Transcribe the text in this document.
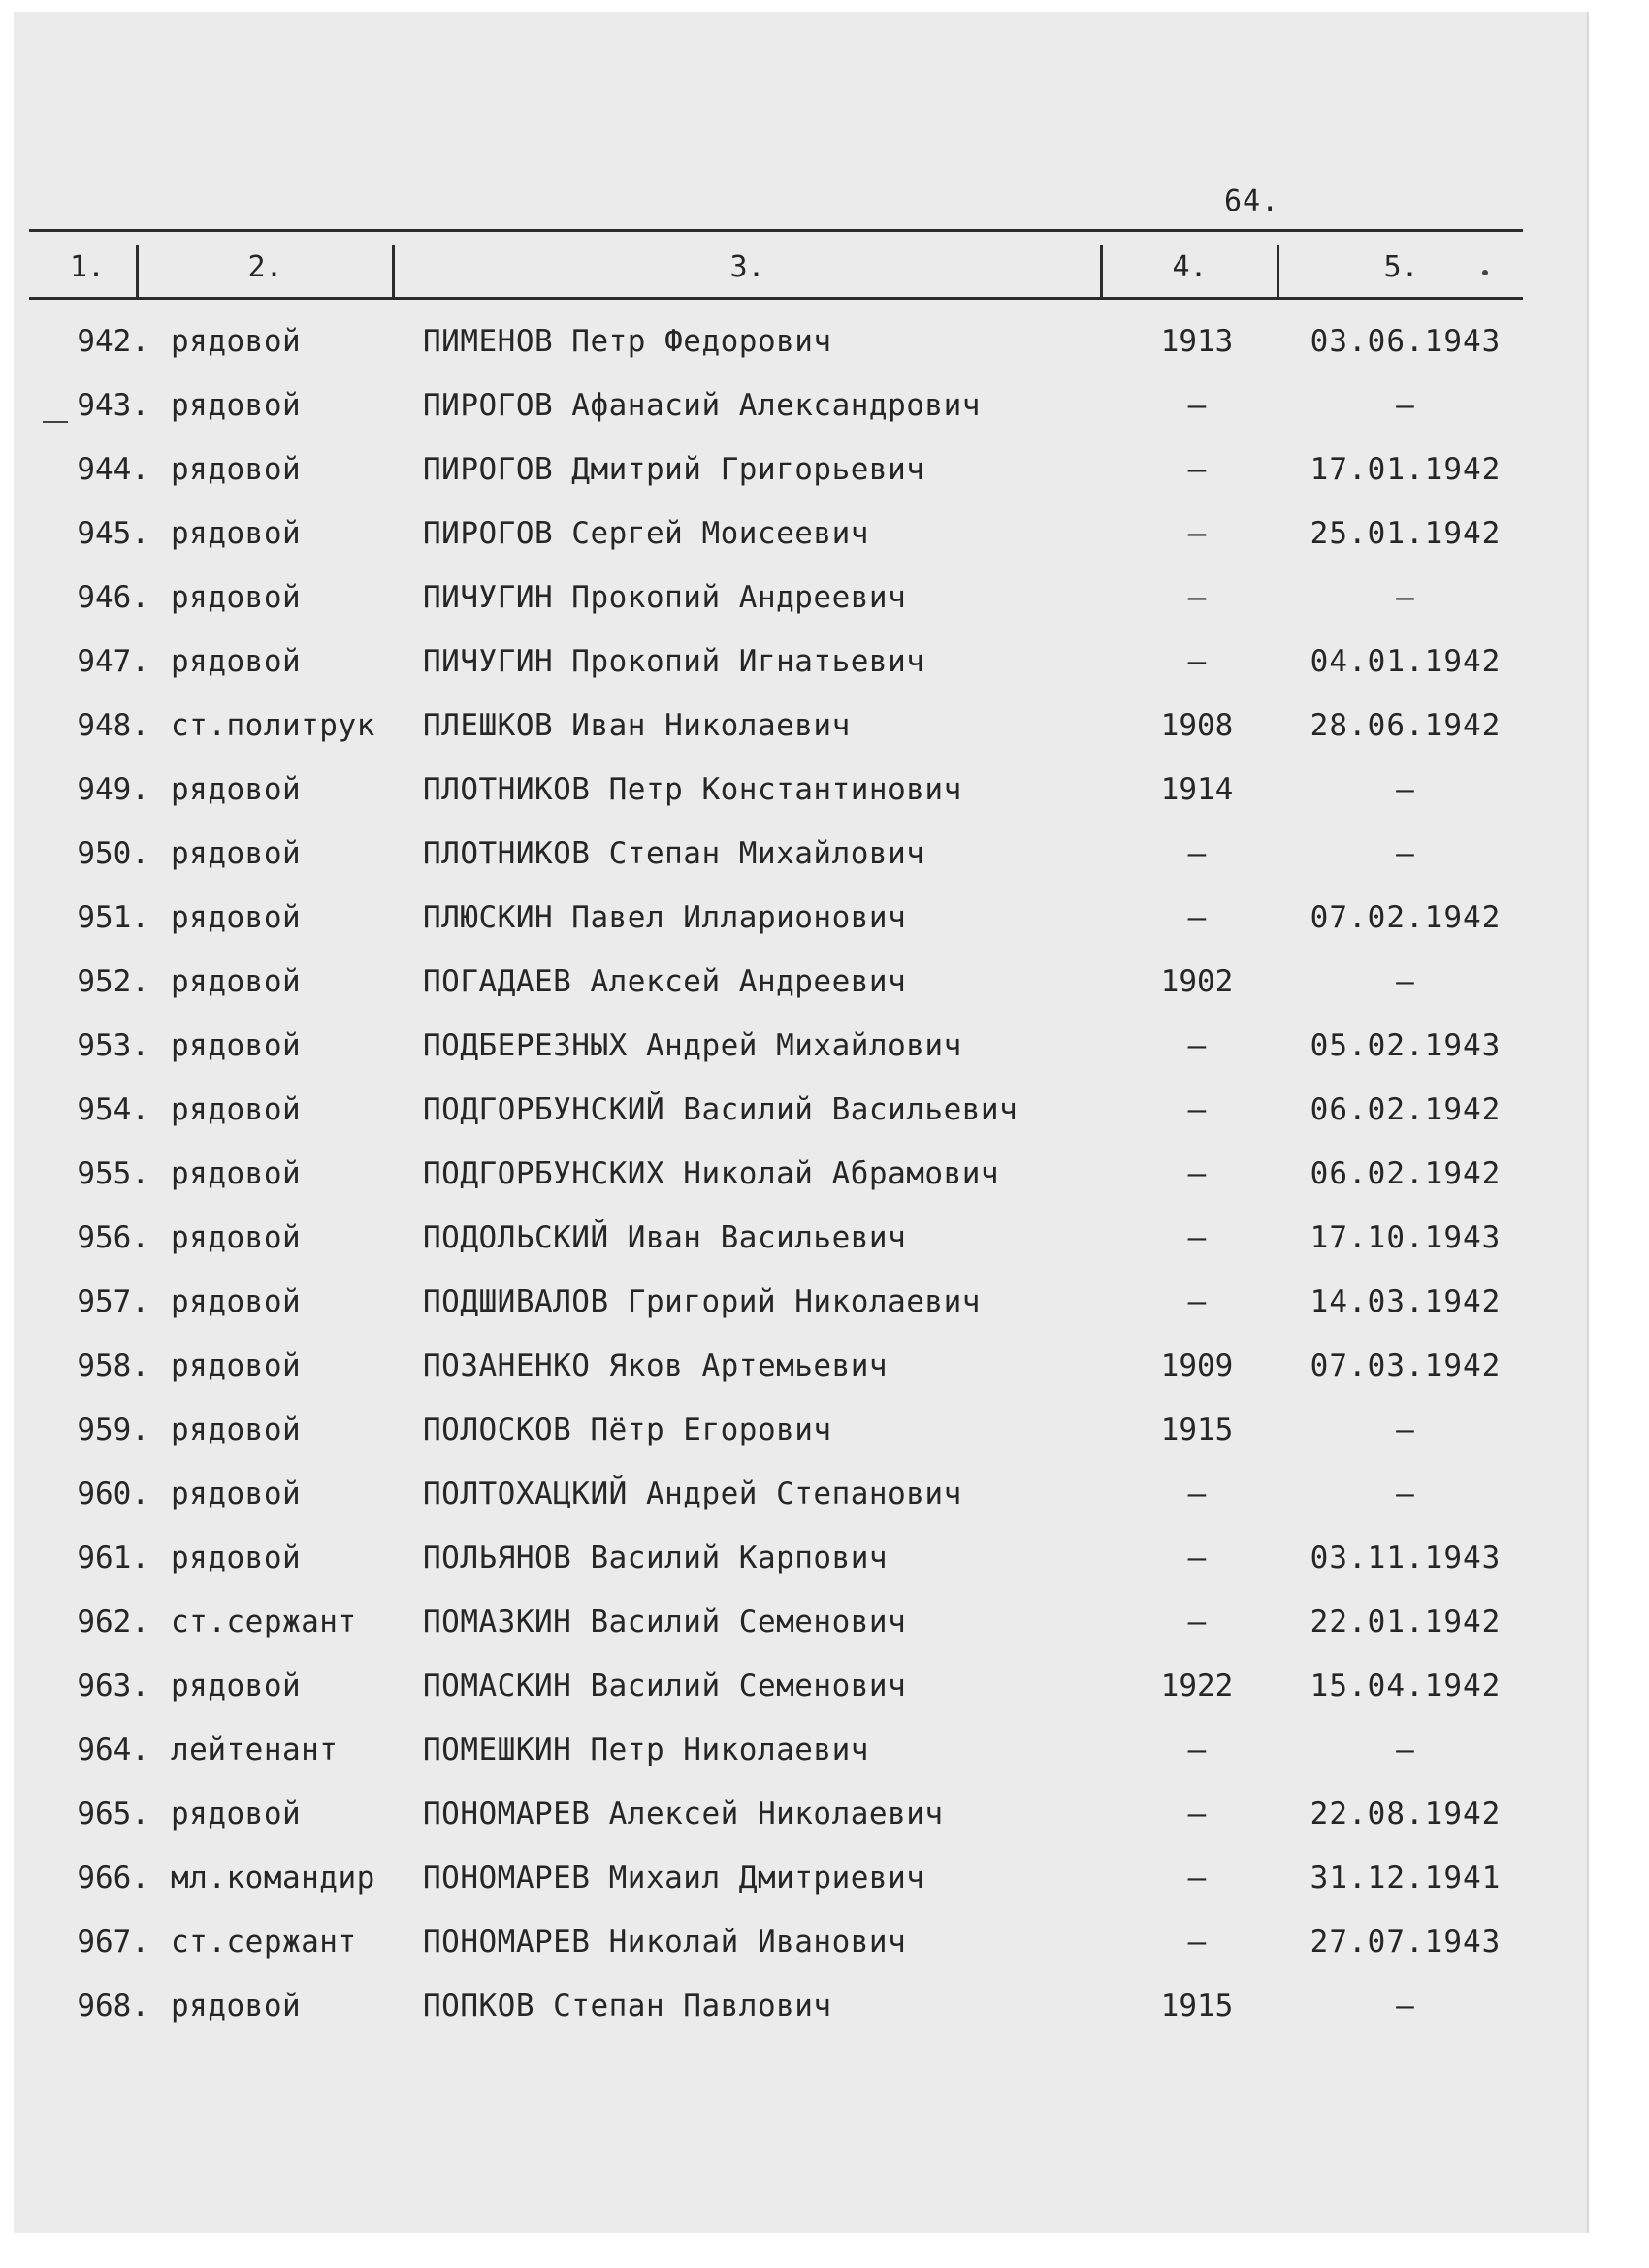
64.
1.	2.	3.	4.	5.
942. рядовой	ПИМЕНОВ Петр Федорович	1913	03.06.1943
943. рядовой	ПИРОГОВ Афанасий Александрович	–	–
944. рядовой	ПИРОГОВ Дмитрий Григорьевич	–	17.01.1942
945. рядовой	ПИРОГОВ Сергей Моисеевич	–	25.01.1942
946. рядовой	ПИЧУГИН Прокопий Андреевич	–	–
947. рядовой	ПИЧУГИН Прокопий Игнатьевич	–	04.01.1942
948. ст.политрук	ПЛЕШКОВ Иван Николаевич	1908	28.06.1942
949. рядовой	ПЛОТНИКОВ Петр Константинович	1914	–
950. рядовой	ПЛОТНИКОВ Степан Михайлович	–	–
951. рядовой	ПЛЮСКИН Павел Илларионович	–	07.02.1942
952. рядовой	ПОГАДАЕВ Алексей Андреевич	1902	–
953. рядовой	ПОДБЕРЕЗНЫХ Андрей Михайлович	–	05.02.1943
954. рядовой	ПОДГОРБУНСКИЙ Василий Васильевич	–	06.02.1942
955. рядовой	ПОДГОРБУНСКИХ Николай Абрамович	–	06.02.1942
956. рядовой	ПОДОЛЬСКИЙ Иван Васильевич	–	17.10.1943
957. рядовой	ПОДШИВАЛОВ Григорий Николаевич	–	14.03.1942
958. рядовой	ПОЗАНЕНКО Яков Артемьевич	1909	07.03.1942
959. рядовой	ПОЛОСКОВ Пётр Егорович	1915	–
960. рядовой	ПОЛТОХАЦКИЙ Андрей Степанович	–	–
961. рядовой	ПОЛЬЯНОВ Василий Карпович	–	03.11.1943
962. ст.сержант	ПОМАЗКИН Василий Семенович	–	22.01.1942
963. рядовой	ПОМАСКИН Василий Семенович	1922	15.04.1942
964. лейтенант	ПОМЕШКИН Петр Николаевич	–	–
965. рядовой	ПОНОМАРЕВ Алексей Николаевич	–	22.08.1942
966. мл.командир	ПОНОМАРЕВ Михаил Дмитриевич	–	31.12.1941
967. ст.сержант	ПОНОМАРЕВ Николай Иванович	–	27.07.1943
968. рядовой	ПОПКОВ Степан Павлович	1915	–
